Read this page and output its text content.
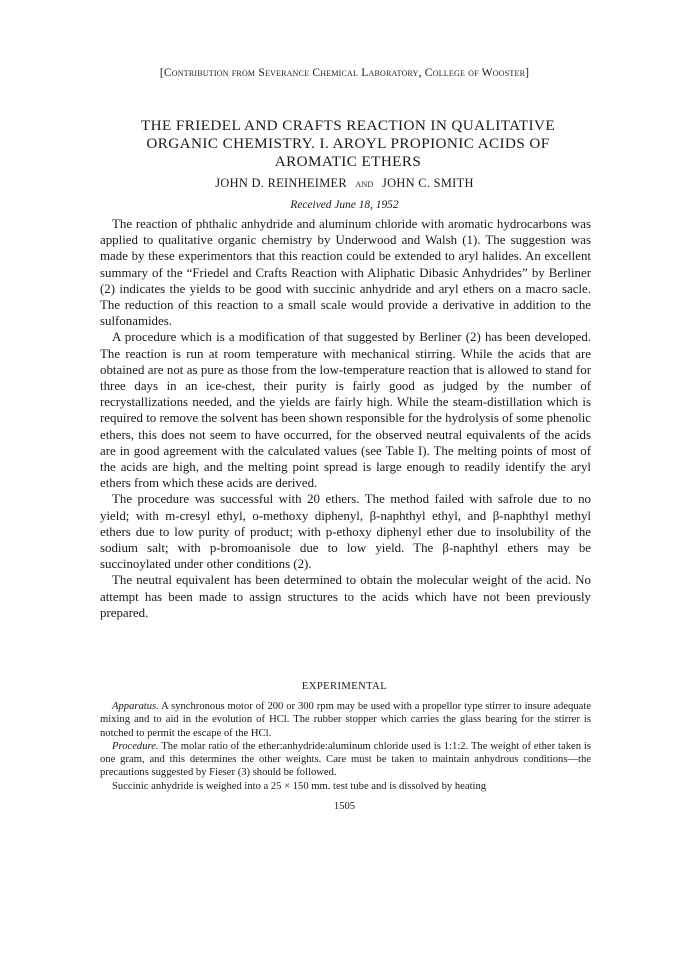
[Contribution from Severance Chemical Laboratory, College of Wooster]
THE FRIEDEL AND CRAFTS REACTION IN QUALITATIVE
ORGANIC CHEMISTRY. I. AROYL PROPIONIC ACIDS OF
AROMATIC ETHERS
JOHN D. REINHEIMER and JOHN C. SMITH
Received June 18, 1952

The reaction of phthalic anhydride and aluminum chloride with aromatic hydrocarbons was applied to qualitative organic chemistry by Underwood and Walsh (1). The suggestion was made by these experimentors that this reaction could be extended to aryl halides. An excellent summary of the “Friedel and Crafts Reaction with Aliphatic Dibasic Anhydrides” by Berliner (2) indicates the yields to be good with succinic anhydride and aryl ethers on a macro sacle. The reduction of this reaction to a small scale would provide a derivative in addition to the sulfonamides.

A procedure which is a modification of that suggested by Berliner (2) has been developed. The reaction is run at room temperature with mechanical stirring. While the acids that are obtained are not as pure as those from the low-temperature reaction that is allowed to stand for three days in an ice-chest, their purity is fairly good as judged by the number of recrystallizations needed, and the yields are fairly high. While the steam-distillation which is required to remove the solvent has been shown responsible for the hydrolysis of some phenolic ethers, this does not seem to have occurred, for the observed neutral equivalents of the acids are in good agreement with the calculated values (see Table I). The melting points of most of the acids are high, and the melting point spread is large enough to readily identify the aryl ethers from which these acids are derived.

The procedure was successful with 20 ethers. The method failed with safrole due to no yield; with m-cresyl ethyl, o-methoxy diphenyl, β-naphthyl ethyl, and β-naphthyl methyl ethers due to low purity of product; with p-ethoxy diphenyl ether due to insolubility of the sodium salt; with p-bromoanisole due to low yield. The β-naphthyl ethers may be succinoylated under other conditions (2).

The neutral equivalent has been determined to obtain the molecular weight of the acid. No attempt has been made to assign structures to the acids which have not been previously prepared.

EXPERIMENTAL

Apparatus. A synchronous motor of 200 or 300 rpm may be used with a propellor type stirrer to insure adequate mixing and to aid in the evolution of HCl. The rubber stopper which carries the glass bearing for the stirrer is notched to permit the escape of the HCl.

Procedure. The molar ratio of the ether:anhydride:aluminum chloride used is 1:1:2. The weight of ether taken is one gram, and this determines the other weights. Care must be taken to maintain anhydrous conditions—the precautions suggested by Fieser (3) should be followed.

Succinic anhydride is weighed into a 25 × 150 mm. test tube and is dissolved by heating

1505
